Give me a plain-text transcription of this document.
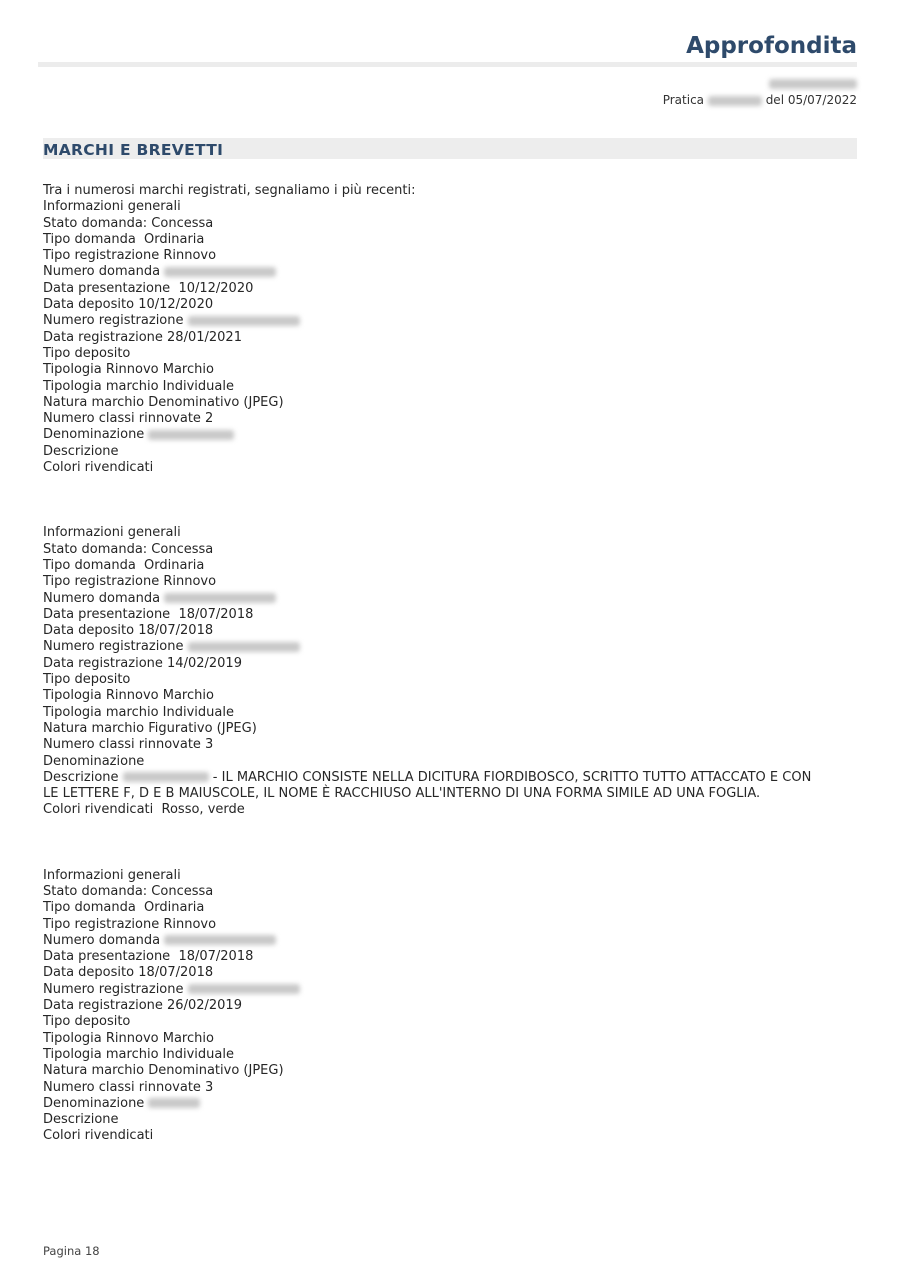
Approfondita
Pratica	del 05/07/2022
MARCHI E BREVETTI
Tra i numerosi marchi registrati, segnaliamo i più recenti:
Informazioni generali
Stato domanda: Concessa
Tipo domanda  Ordinaria
Tipo registrazione Rinnovo
Numero domanda
Data presentazione  10/12/2020
Data deposito 10/12/2020
Numero registrazione
Data registrazione 28/01/2021
Tipo deposito
Tipologia Rinnovo Marchio
Tipologia marchio Individuale
Natura marchio Denominativo (JPEG)
Numero classi rinnovate 2
Denominazione
Descrizione
Colori rivendicati
Informazioni generali
Stato domanda: Concessa
Tipo domanda  Ordinaria
Tipo registrazione Rinnovo
Numero domanda
Data presentazione  18/07/2018
Data deposito 18/07/2018
Numero registrazione
Data registrazione 14/02/2019
Tipo deposito
Tipologia Rinnovo Marchio
Tipologia marchio Individuale
Natura marchio Figurativo (JPEG)
Numero classi rinnovate 3
Denominazione
Descrizione	- IL MARCHIO CONSISTE NELLA DICITURA FIORDIBOSCO, SCRITTO TUTTO ATTACCATO E CON LE LETTERE F, D E B MAIUSCOLE, IL NOME È RACCHIUSO ALL'INTERNO DI UNA FORMA SIMILE AD UNA FOGLIA.
Colori rivendicati  Rosso, verde
Informazioni generali
Stato domanda: Concessa
Tipo domanda  Ordinaria
Tipo registrazione Rinnovo
Numero domanda
Data presentazione  18/07/2018
Data deposito 18/07/2018
Numero registrazione
Data registrazione 26/02/2019
Tipo deposito
Tipologia Rinnovo Marchio
Tipologia marchio Individuale
Natura marchio Denominativo (JPEG)
Numero classi rinnovate 3
Denominazione
Descrizione
Colori rivendicati
Pagina 18
